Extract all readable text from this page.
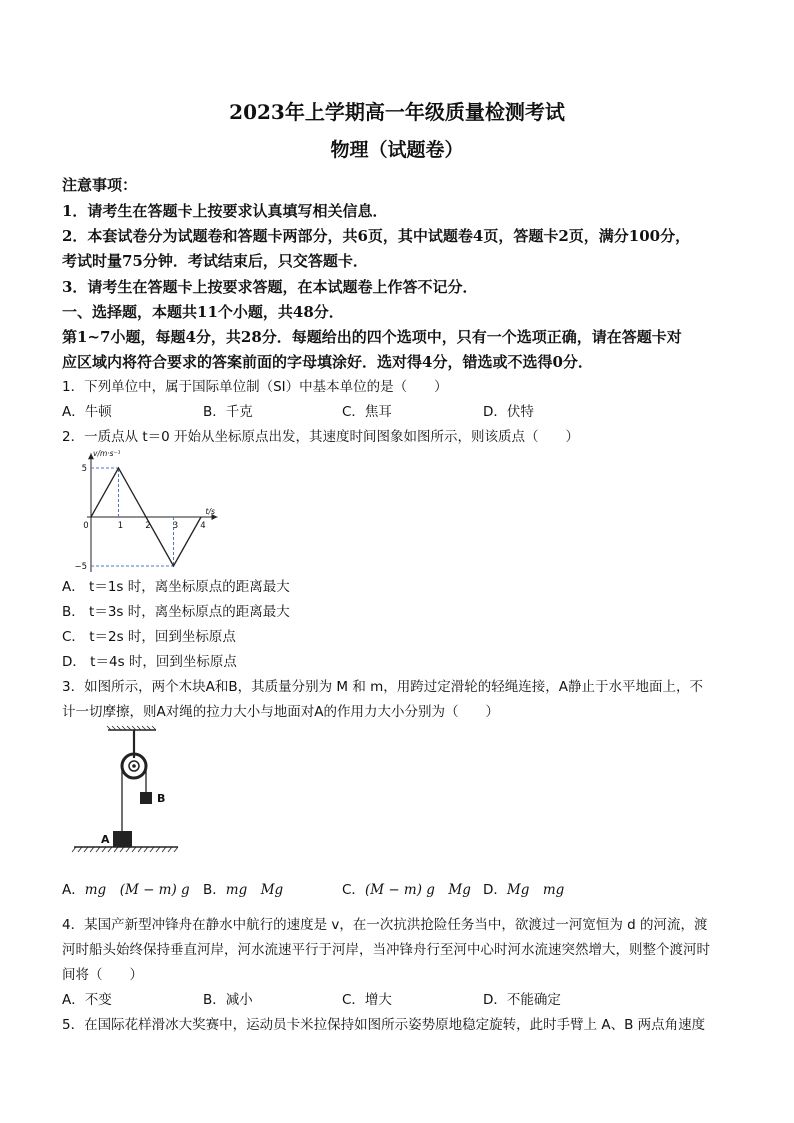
2023年上学期高一年级质量检测考试
物理（试题卷）
注意事项：
1．请考生在答题卡上按要求认真填写相关信息．
2．本套试卷分为试题卷和答题卡两部分，共6页，其中试题卷4页，答题卡2页，满分100分，
考试时量75分钟．考试结束后，只交答题卡．
3．请考生在答题卡上按要求答题，在本试题卷上作答不记分．
一、选择题，本题共11个小题，共48分．
第1~7小题，每题4分，共28分．每题给出的四个选项中，只有一个选项正确，请在答题卡对
应区域内将符合要求的答案前面的字母填涂好．选对得4分，错选或不选得0分．
1．下列单位中，属于国际单位制（SI）中基本单位的是（　　）
A．牛顿	B．千克	C．焦耳	D．伏特
2．一质点从 t＝0 开始从坐标原点出发，其速度时间图象如图所示，则该质点（　　）
0	1	2	3	4
5
−5
v/m·s⁻¹
t/s
A． t＝1s 时，离坐标原点的距离最大
B． t＝3s 时，离坐标原点的距离最大
C． t＝2s 时，回到坐标原点
D． t＝4s 时，回到坐标原点
3．如图所示，两个木块A和B，其质量分别为 M 和 m，用跨过定滑轮的轻绳连接，A静止于水平地面上，不
计一切摩擦，则A对绳的拉力大小与地面对A的作用力大小分别为（　　）
B
A
A．mg　(M − m) g B．mg　Mg	C．(M − m) g　Mg D．Mg　mg
4．某国产新型冲锋舟在静水中航行的速度是 v，在一次抗洪抢险任务当中，欲渡过一河宽恒为 d 的河流，渡
河时船头始终保持垂直河岸，河水流速平行于河岸，当冲锋舟行至河中心时河水流速突然增大，则整个渡河时
间将（　　）
A．不变	B．减小	C．增大	D．不能确定
5．在国际花样滑冰大奖赛中，运动员卡米拉保持如图所示姿势原地稳定旋转，此时手臂上 A、B 两点角速度
